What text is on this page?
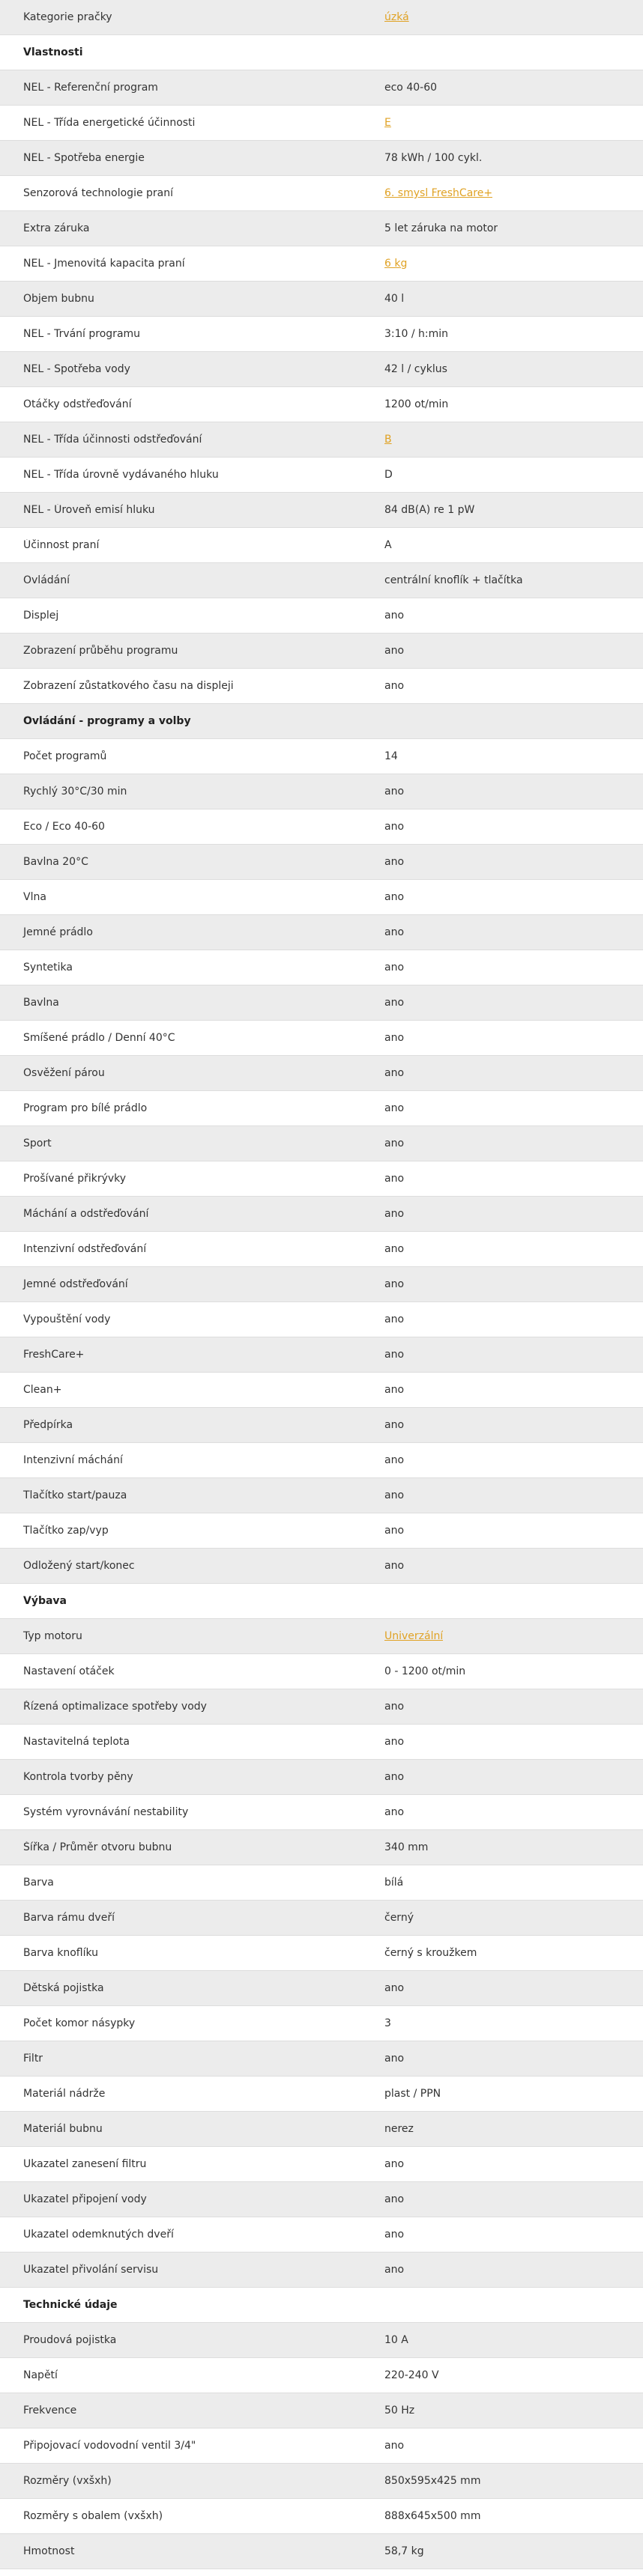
Kategorie pračky	úzká
Vlastnosti
NEL - Referenční program	eco 40-60
NEL - Třída energetické účinnosti	E
NEL - Spotřeba energie	78 kWh / 100 cykl.
Senzorová technologie praní	6. smysl FreshCare+
Extra záruka	5 let záruka na motor
NEL - Jmenovitá kapacita praní	6 kg
Objem bubnu	40 l
NEL - Trvání programu	3:10 / h:min
NEL - Spotřeba vody	42 l / cyklus
Otáčky odstřeďování	1200 ot/min
NEL - Třída účinnosti odstřeďování	B
NEL - Třída úrovně vydávaného hluku	D
NEL - Úroveň emisí hluku	84 dB(A) re 1 pW
Účinnost praní	A
Ovládání	centrální knoflík + tlačítka
Displej	ano
Zobrazení průběhu programu	ano
Zobrazení zůstatkového času na displeji	ano
Ovládání - programy a volby
Počet programů	14
Rychlý 30°C/30 min	ano
Eco / Eco 40-60	ano
Bavlna 20°C	ano
Vlna	ano
Jemné prádlo	ano
Syntetika	ano
Bavlna	ano
Smíšené prádlo / Denní 40°C	ano
Osvěžení párou	ano
Program pro bílé prádlo	ano
Sport	ano
Prošívané přikrývky	ano
Máchání a odstřeďování	ano
Intenzivní odstřeďování	ano
Jemné odstřeďování	ano
Vypouštění vody	ano
FreshCare+	ano
Clean+	ano
Předpírka	ano
Intenzivní máchání	ano
Tlačítko start/pauza	ano
Tlačítko zap/vyp	ano
Odložený start/konec	ano
Výbava
Typ motoru	Univerzální
Nastavení otáček	0 - 1200 ot/min
Řízená optimalizace spotřeby vody	ano
Nastavitelná teplota	ano
Kontrola tvorby pěny	ano
Systém vyrovnávání nestability	ano
Šířka / Průměr otvoru bubnu	340 mm
Barva	bílá
Barva rámu dveří	černý
Barva knoflíku	černý s kroužkem
Dětská pojistka	ano
Počet komor násypky	3
Filtr	ano
Materiál nádrže	plast / PPN
Materiál bubnu	nerez
Ukazatel zanesení filtru	ano
Ukazatel připojení vody	ano
Ukazatel odemknutých dveří	ano
Ukazatel přivolání servisu	ano
Technické údaje
Proudová pojistka	10 A
Napětí	220-240 V
Frekvence	50 Hz
Připojovací vodovodní ventil 3/4"	ano
Rozměry (vxšxh)	850x595x425 mm
Rozměry s obalem (vxšxh)	888x645x500 mm
Hmotnost	58,7 kg
